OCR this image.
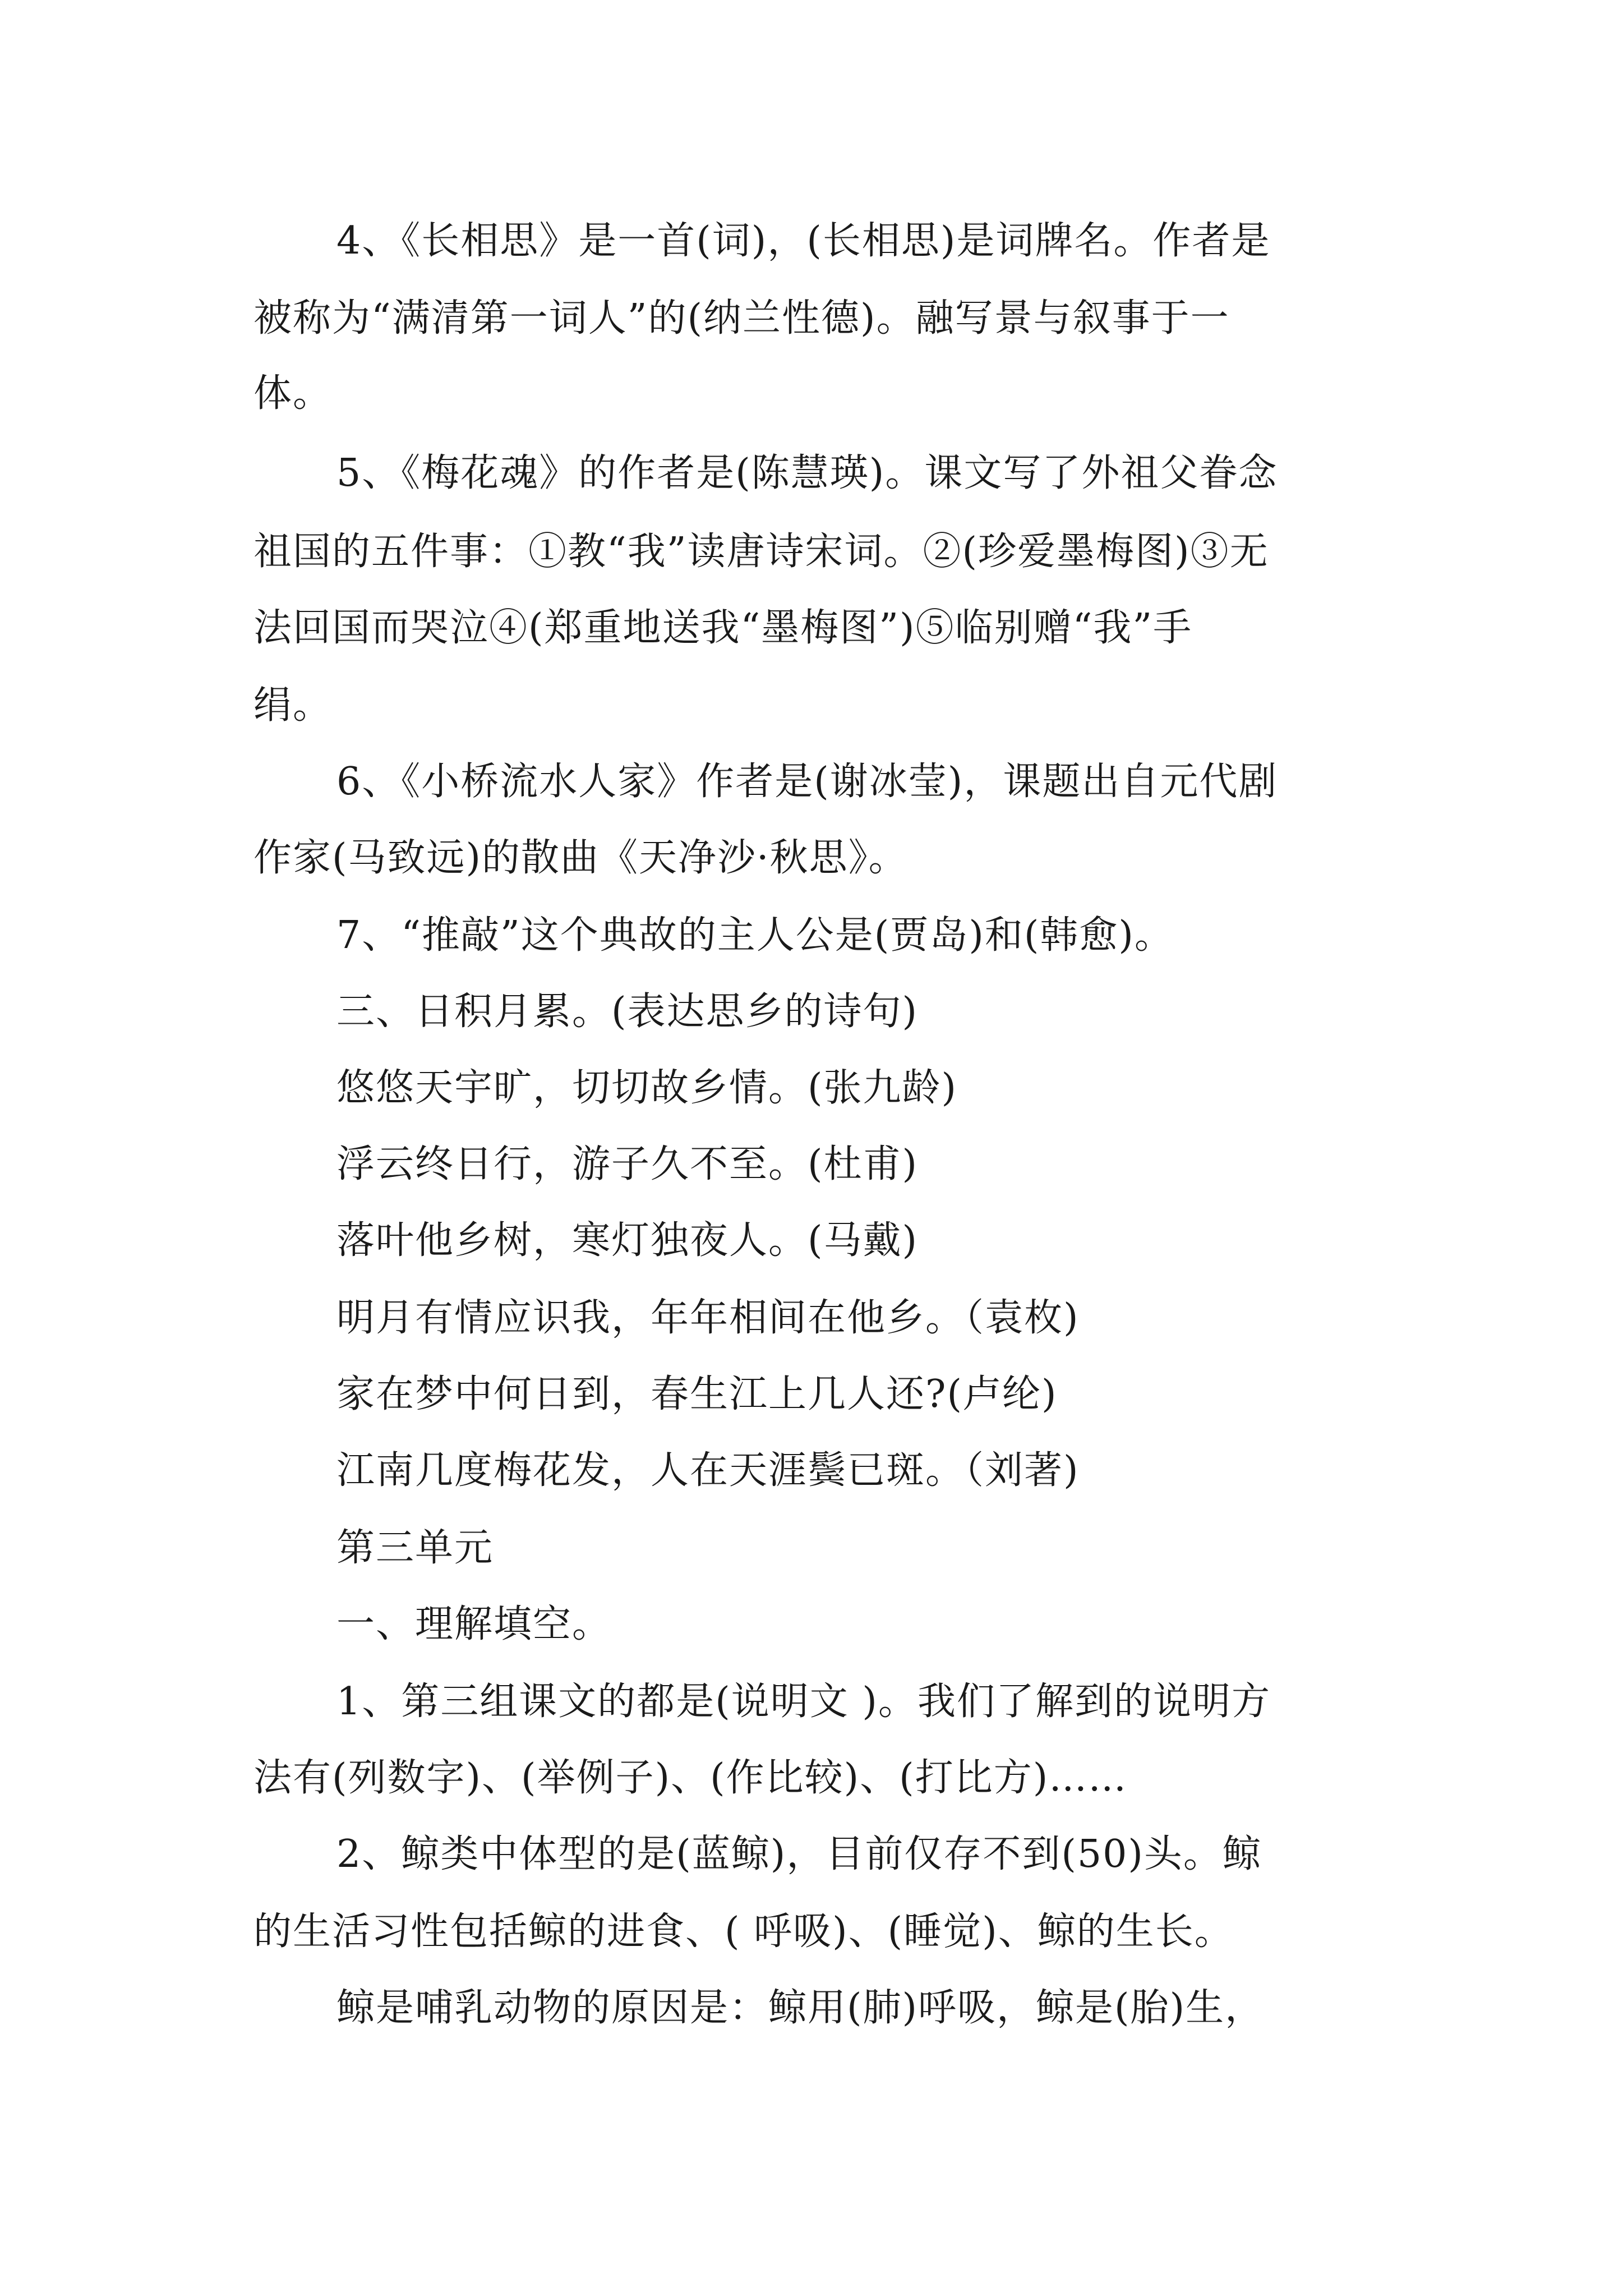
4、《长相思》是一首(词)，(长相思)是词牌名。作者是
被称为“满清第一词人”的(纳兰性德)。融写景与叙事于一
体。
5、《梅花魂》的作者是(陈慧瑛)。课文写了外祖父眷念
祖国的五件事：①教“我”读唐诗宋词。②(珍爱墨梅图)③无
法回国而哭泣④(郑重地送我“墨梅图”)⑤临别赠“我”手
绢。
6、《小桥流水人家》作者是(谢冰莹)，课题出自元代剧
作家(马致远)的散曲《天净沙·秋思》。
7、“推敲”这个典故的主人公是(贾岛)和(韩愈)。
三、日积月累。(表达思乡的诗句)
悠悠天宇旷，切切故乡情。(张九龄)
浮云终日行，游子久不至。(杜甫)
落叶他乡树，寒灯独夜人。(马戴)
明月有情应识我，年年相间在他乡。（袁枚)
家在梦中何日到，春生江上几人还?(卢纶)
江南几度梅花发，人在天涯鬓已斑。（刘著)
第三单元
一、理解填空。
1、第三组课文的都是(说明文 )。我们了解到的说明方
法有(列数字)、(举例子)、(作比较)、(打比方)……
2、鲸类中体型的是(蓝鲸)，目前仅存不到(50)头。鲸
的生活习性包括鲸的进食、( 呼吸)、(睡觉)、鲸的生长。
鲸是哺乳动物的原因是：鲸用(肺)呼吸，鲸是(胎)生，
